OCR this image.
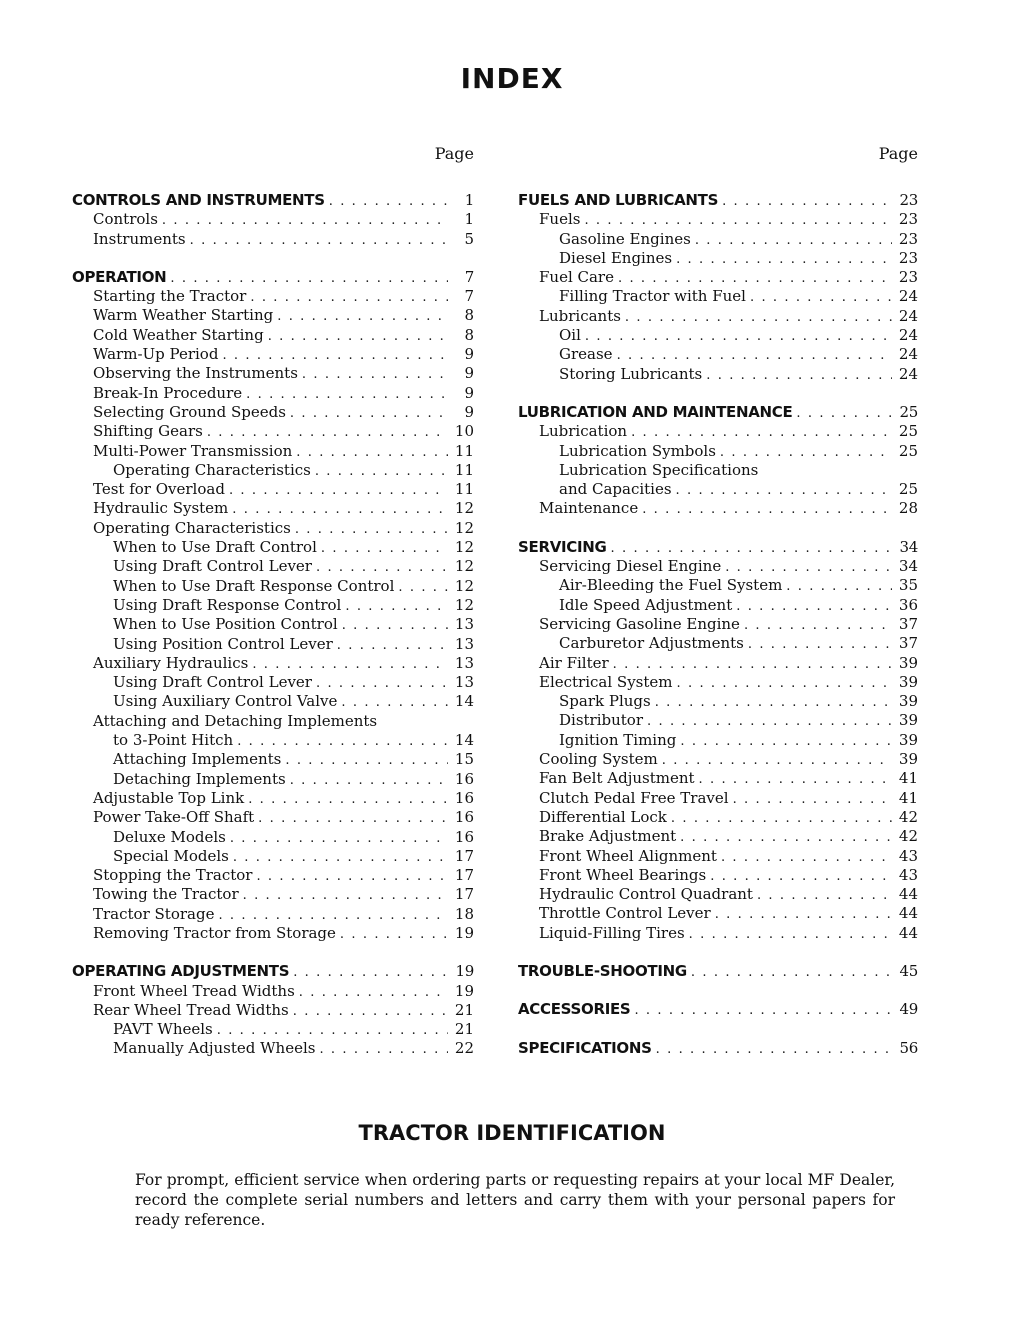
INDEX
Page
CONTROLS AND INSTRUMENTS . . .	1
Controls . . .	1
Instruments . . .	5
OPERATION . . .	7
Starting the Tractor . . .	7
Warm Weather Starting . . .	8
Cold Weather Starting . . .	8
Warm-Up Period . . .	9
Observing the Instruments . . .	9
Break-In Procedure . . .	9
Selecting Ground Speeds . . .	9
Shifting Gears . . .	10
Multi-Power Transmission . . .	11
Operating Characteristics . . .	11
Test for Overload . . .	11
Hydraulic System . . .	12
Operating Characteristics . . .	12
When to Use Draft Control . . .	12
Using Draft Control Lever . . .	12
When to Use Draft Response Control . . .	12
Using Draft Response Control . . .	12
When to Use Position Control . . .	13
Using Position Control Lever . . .	13
Auxiliary Hydraulics . . .	13
Using Draft Control Lever . . .	13
Using Auxiliary Control Valve . . .	14
Attaching and Detaching Implements
to 3-Point Hitch . . .	14
Attaching Implements . . .	15
Detaching Implements . . .	16
Adjustable Top Link . . .	16
Power Take-Off Shaft . . .	16
Deluxe Models . . .	16
Special Models . . .	17
Stopping the Tractor . . .	17
Towing the Tractor . . .	17
Tractor Storage . . .	18
Removing Tractor from Storage . . .	19
OPERATING ADJUSTMENTS . . .	19
Front Wheel Tread Widths . . .	19
Rear Wheel Tread Widths . . .	21
PAVT Wheels . . .	21
Manually Adjusted Wheels . . .	22
Page
FUELS AND LUBRICANTS . . .	23
Fuels . . .	23
Gasoline Engines . . .	23
Diesel Engines . . .	23
Fuel Care . . .	23
Filling Tractor with Fuel . . .	24
Lubricants . . .	24
Oil . . .	24
Grease . . .	24
Storing Lubricants . . .	24
LUBRICATION AND MAINTENANCE . . .	25
Lubrication . . .	25
Lubrication Symbols . . .	25
Lubrication Specifications
and Capacities . . .	25
Maintenance . . .	28
SERVICING . . .	34
Servicing Diesel Engine . . .	34
Air-Bleeding the Fuel System . . .	35
Idle Speed Adjustment . . .	36
Servicing Gasoline Engine . . .	37
Carburetor Adjustments . . .	37
Air Filter . . .	39
Electrical System . . .	39
Spark Plugs . . .	39
Distributor . . .	39
Ignition Timing . . .	39
Cooling System . . .	39
Fan Belt Adjustment . . .	41
Clutch Pedal Free Travel . . .	41
Differential Lock . . .	42
Brake Adjustment . . .	42
Front Wheel Alignment . . .	43
Front Wheel Bearings . . .	43
Hydraulic Control Quadrant . . .	44
Throttle Control Lever . . .	44
Liquid-Filling Tires . . .	44
TROUBLE-SHOOTING . . .	45
ACCESSORIES . . .	49
SPECIFICATIONS . . .	56
TRACTOR IDENTIFICATION
For prompt, efficient service when ordering parts or requesting repairs at your local MF Dealer, record the complete serial numbers and letters and carry them with your personal papers for ready reference.
